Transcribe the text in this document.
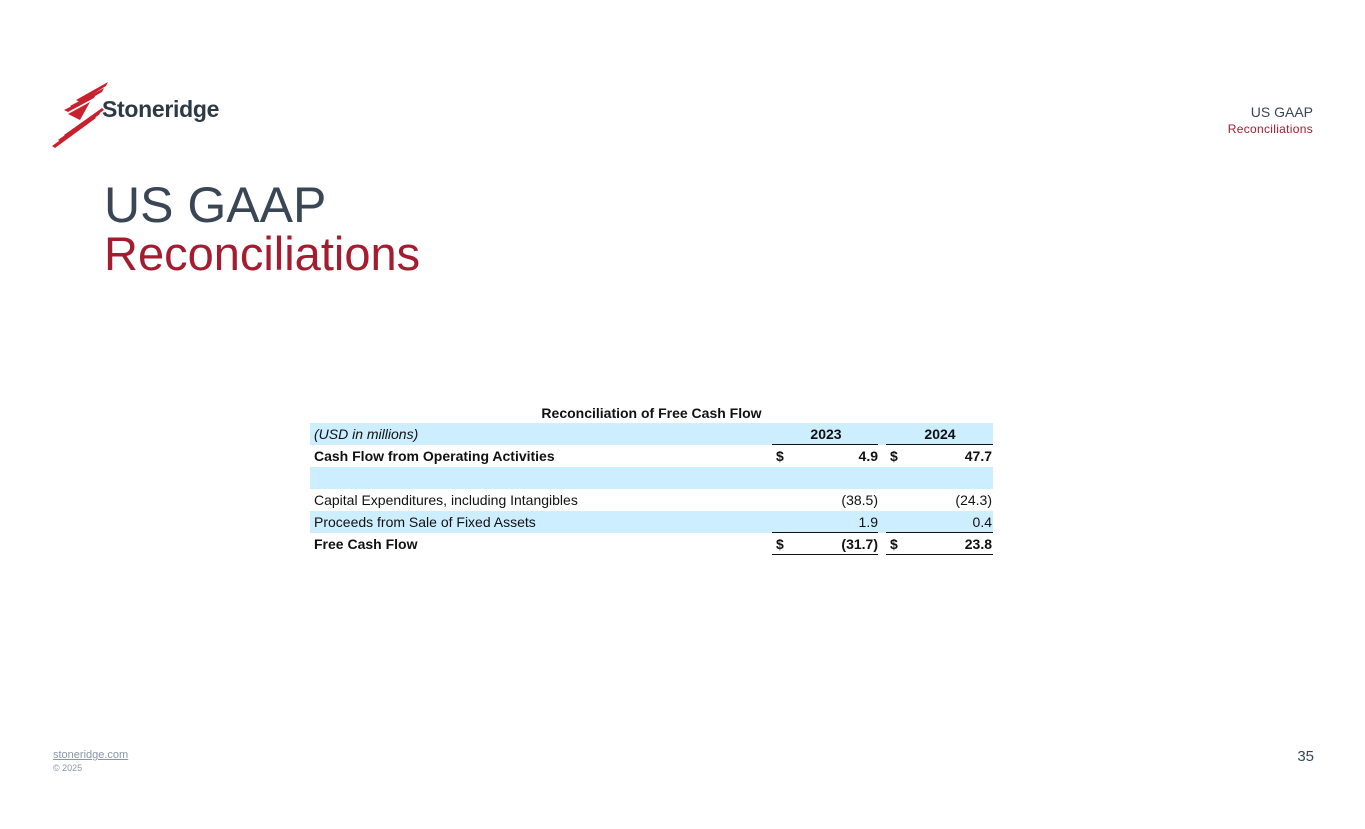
Stoneridge	US GAAP
Reconciliations
US GAAP
Reconciliations
Reconciliation of Free Cash Flow
(USD in millions)	2023	2024
Cash Flow from Operating Activities	$	4.9 $	47.7
Capital Expenditures, including Intangibles	(38.5)	(24.3)
Proceeds from Sale of Fixed Assets	1.9	0.4
Free Cash Flow	$	(31.7) $	23.8
stoneridge.com
© 2025
35
